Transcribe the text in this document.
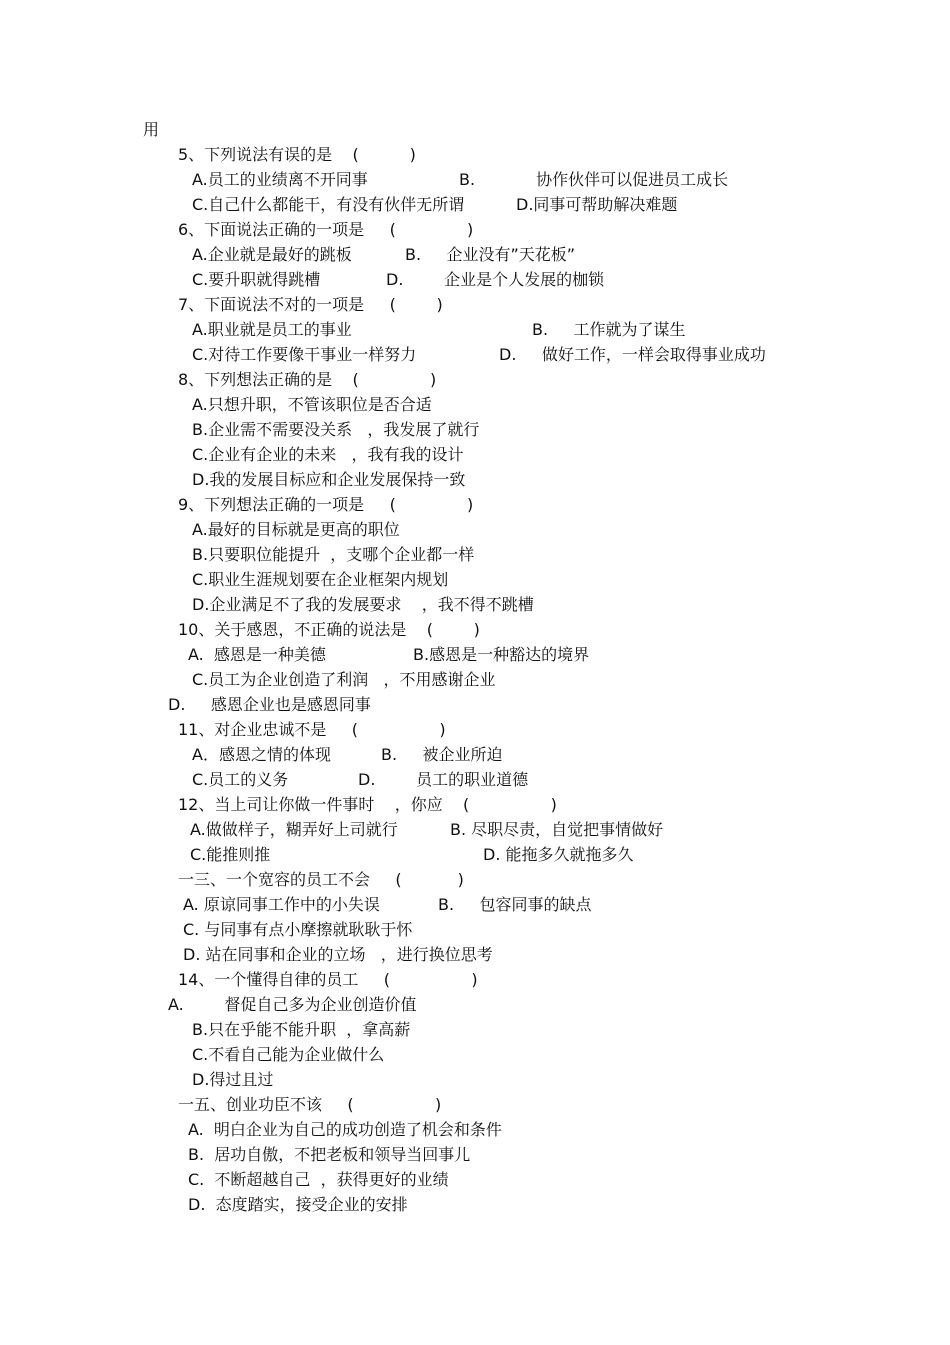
用
5、下列说法有误的是    (          )
A.员工的业绩离不开同事	B.            协作伙伴可以促进员工成长
C.自己什么都能干，有没有伙伴无所谓	D.同事可帮助解决难题
6、下面说法正确的一项是     (              )
A.企业就是最好的跳板	B.     企业没有”天花板”
C.要升职就得跳槽	D.        企业是个人发展的枷锁
7、下面说法不对的一项是     (        )
A.职业就是员工的事业	B.     工作就为了谋生
C.对待工作要像干事业一样努力	D.     做好工作，一样会取得事业成功
8、下列想法正确的是    (              )
A.只想升职，不管该职位是否合适
B.企业需不需要没关系   ，我发展了就行
C.企业有企业的未来   ，我有我的设计
D.我的发展目标应和企业发展保持一致
9、下列想法正确的一项是     (              )
A.最好的目标就是更高的职位
B.只要职位能提升  ，支哪个企业都一样
C.职业生涯规划要在企业框架内规划
D.企业满足不了我的发展要求    ，我不得不跳槽
10、关于感恩，不正确的说法是    (        )
A.  感恩是一种美德	B.感恩是一种豁达的境界
C.员工为企业创造了利润   ，不用感谢企业
D.     感恩企业也是感恩同事
11、对企业忠诚不是     (                )
A．感恩之情的体现	B.     被企业所迫
C.员工的义务	D.        员工的职业道德
12、当上司让你做一件事时    ，你应    (                )
A.做做样子，糊弄好上司就行	B. 尽职尽责，自觉把事情做好
C.能推则推	D. 能拖多久就拖多久
一三、一个宽容的员工不会     (           )
A. 原谅同事工作中的小失误	B.     包容同事的缺点
C. 与同事有点小摩擦就耿耿于怀
D. 站在同事和企业的立场   ，进行换位思考
14、一个懂得自律的员工     (                )
A.        督促自己多为企业创造价值
B.只在乎能不能升职  ，拿高薪
C.不看自己能为企业做什么
D.得过且过
一五、创业功臣不该     (                )
A.  明白企业为自己的成功创造了机会和条件
B.  居功自傲，不把老板和领导当回事儿
C.  不断超越自己  ，获得更好的业绩
D.  态度踏实，接受企业的安排
